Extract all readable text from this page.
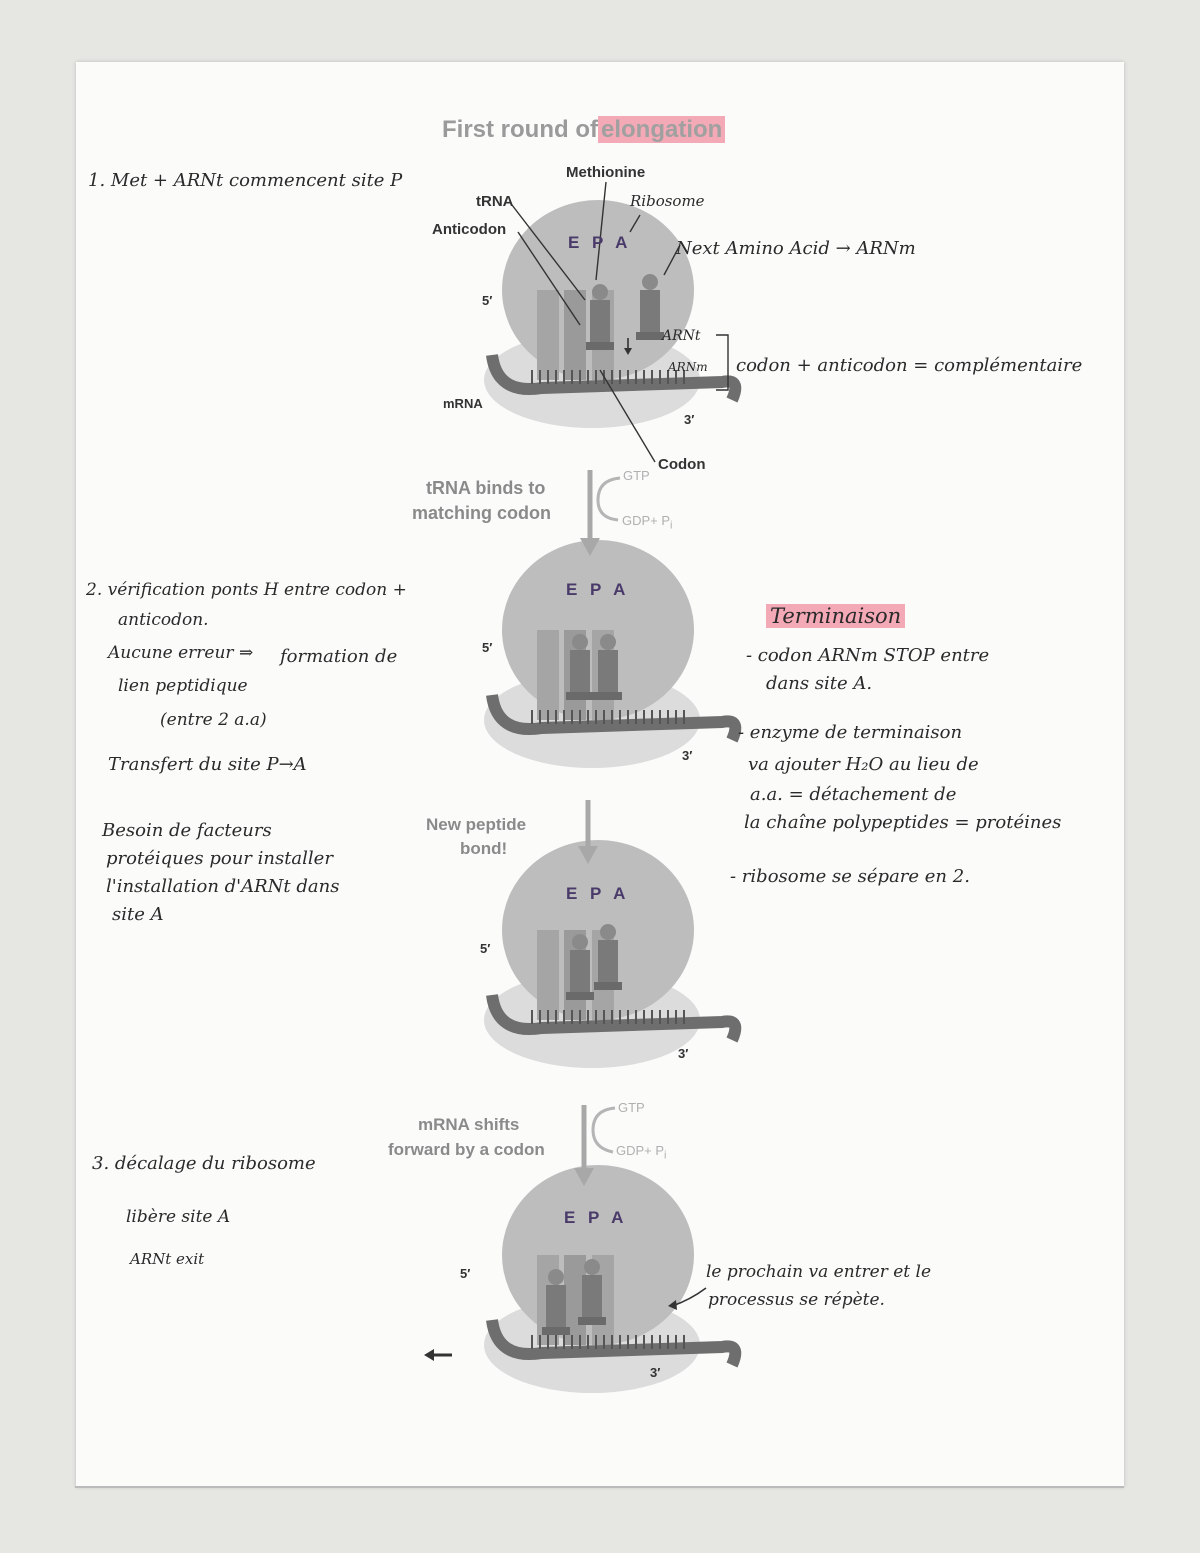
First round of elongation
Methionine
tRNA
Anticodon
Ribosome
E P A
5′
mRNA
3′
Codon
tRNA binds to
matching codon
GTP
$GDP+ P_i$
E P A
5′
3′
New peptide
bond!
E P A
5′
3′
mRNA shifts
forward by a codon
GTP
$GDP+ P_i$
E P A
5′
3′
1. Met + ARNt commencent site P
Next Amino Acid → ARNm
ARNt
ARNm codon + anticodon = complémentaire
2. vérification ponts H entre codon +
anticodon.
Aucune erreur ⇒ formation de
lien peptidique
(entre 2 a.a)
Transfert du site P→A
Besoin de facteurs
protéiques pour installer
l'installation d'ARNt dans
site A
Terminaison
- codon ARNm STOP entre
dans site A.
- enzyme de terminaison
va ajouter H₂O au lieu de
a.a. = détachement de
la chaîne polypeptides = protéines
- ribosome se sépare en 2.
3. décalage du ribosome
libère site A
ARNt exit
le prochain va entrer et le
processus se répète.
